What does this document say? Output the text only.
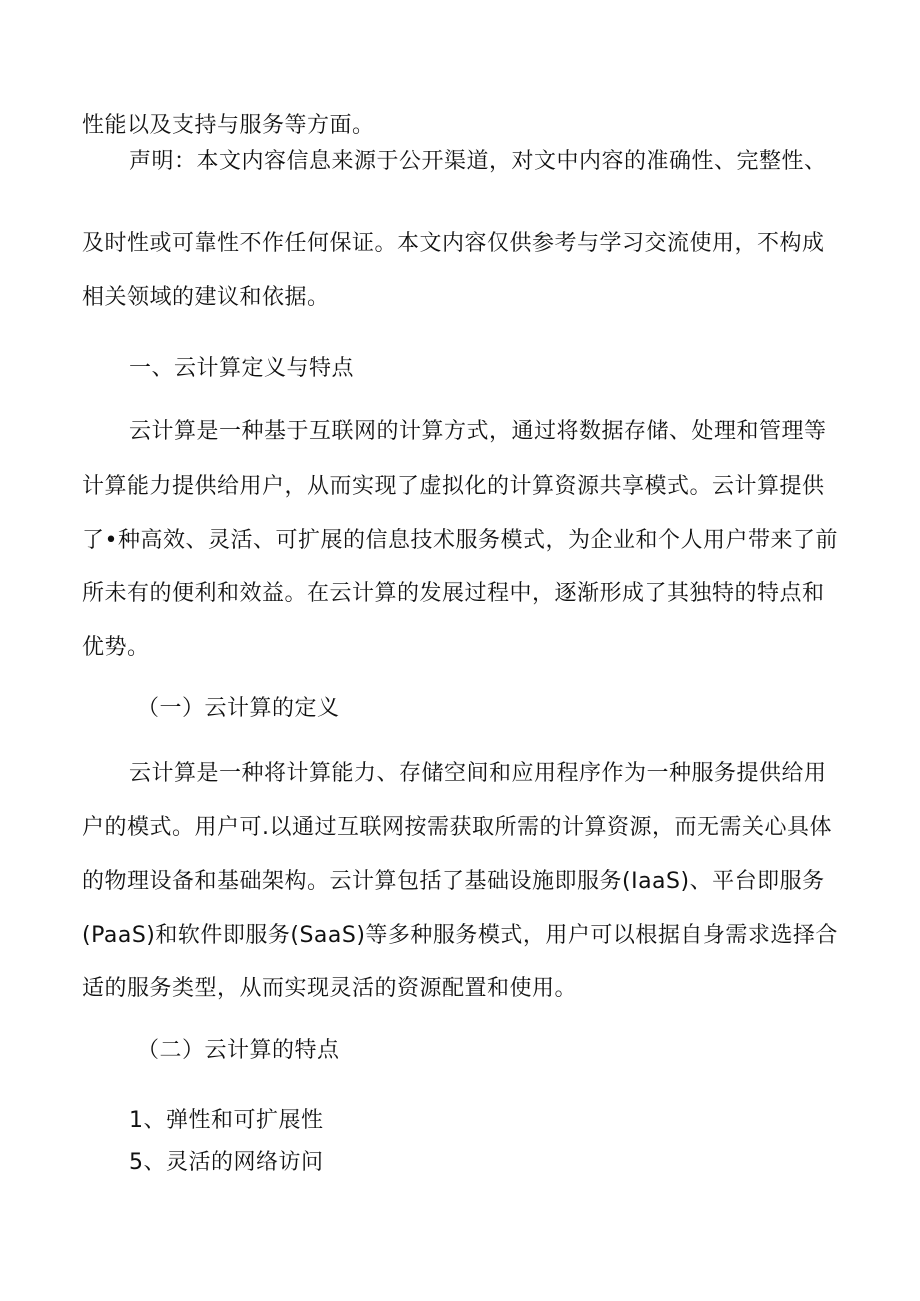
性能以及支持与服务等方面。
声明：本文内容信息来源于公开渠道，对文中内容的准确性、完整性、
及时性或可靠性不作任何保证。本文内容仅供参考与学习交流使用，不构成
相关领域的建议和依据。
一、云计算定义与特点
云计算是一种基于互联网的计算方式，通过将数据存储、处理和管理等
计算能力提供给用户，从而实现了虚拟化的计算资源共享模式。云计算提供
了•种高效、灵活、可扩展的信息技术服务模式，为企业和个人用户带来了前
所未有的便利和效益。在云计算的发展过程中，逐渐形成了其独特的特点和
优势。
（一）云计算的定义
云计算是一种将计算能力、存储空间和应用程序作为一种服务提供给用
户的模式。用户可.以通过互联网按需获取所需的计算资源，而无需关心具体
的物理设备和基础架构。云计算包括了基础设施即服务(IaaS)、平台即服务
(PaaS)和软件即服务(SaaS)等多种服务模式，用户可以根据自身需求选择合
适的服务类型，从而实现灵活的资源配置和使用。
（二）云计算的特点
1、弹性和可扩展性
5、灵活的网络访问
